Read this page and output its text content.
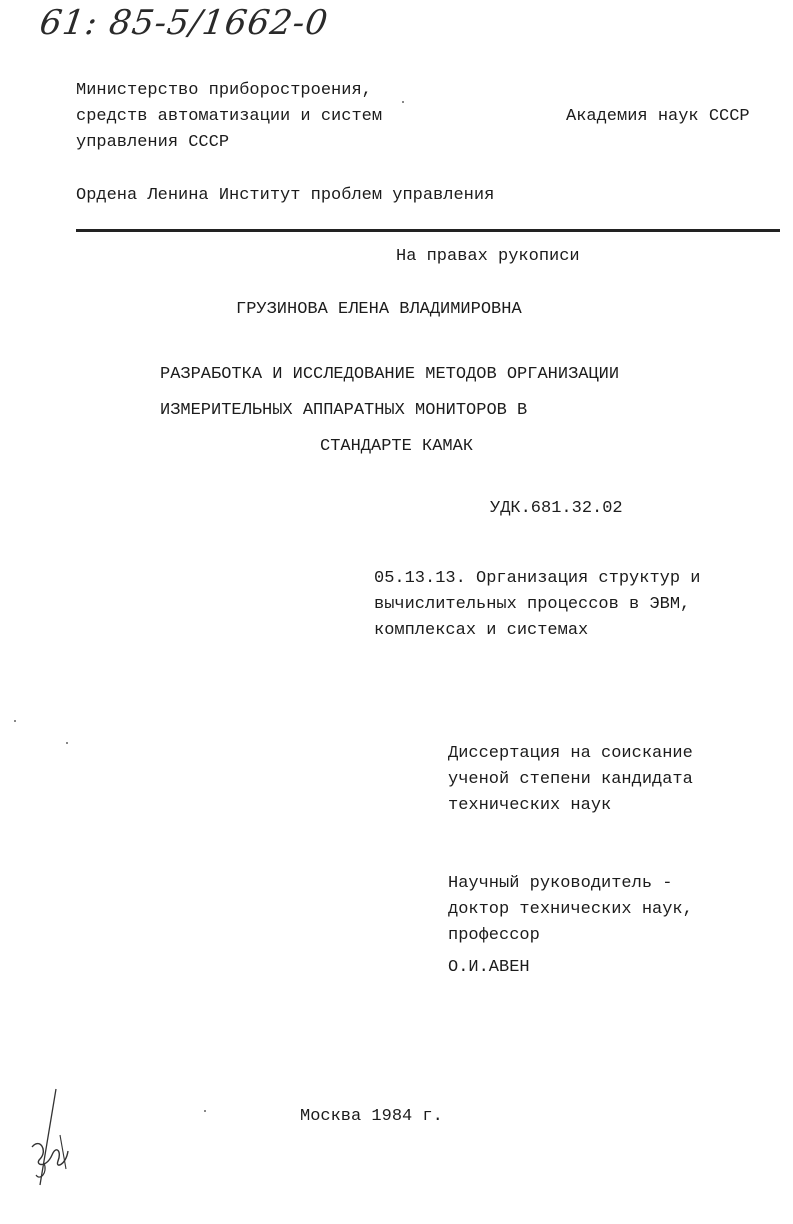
61: 85-5/1662-0
Министерство приборостроения,
средств автоматизации и систем
управления СССР
Академия наук СССР
Ордена Ленина Институт проблем управления
На правах рукописи
ГРУЗИНОВА ЕЛЕНА ВЛАДИМИРОВНА
РАЗРАБОТКА И ИССЛЕДОВАНИЕ МЕТОДОВ ОРГАНИЗАЦИИ
ИЗМЕРИТЕЛЬНЫХ АППАРАТНЫХ МОНИТОРОВ В
СТАНДАРТЕ КАМАК
УДК.681.32.02
05.13.13. Организация структур и
вычислительных процессов в ЭВМ,
комплексах и системах
Диссертация на соискание
ученой степени кандидата
технических наук
Научный руководитель -
доктор технических наук,
профессор
О.И.АВЕН
Москва 1984 г.
